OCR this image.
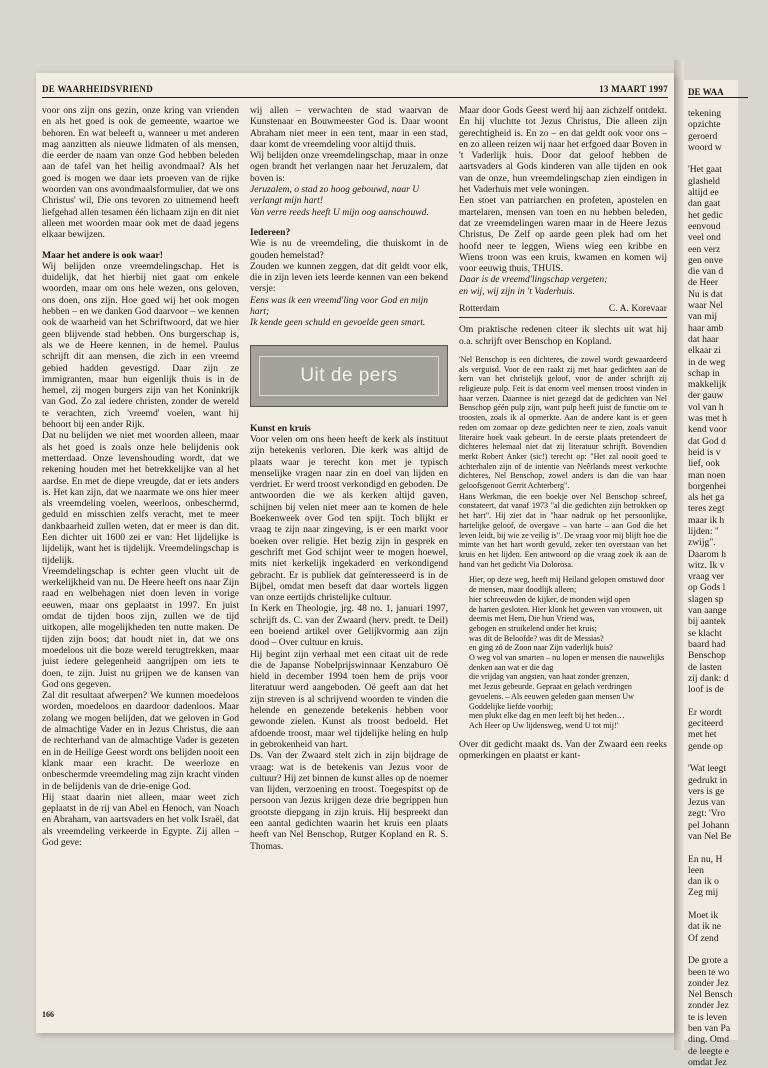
DE WAARHEIDSVRIEND	13 MAART 1997

voor ons zijn ons gezin, onze kring van vrienden en als het goed is ook de gemeente, waartoe we behoren. En wat beleeft u, wanneer u met anderen mag aanzitten als nieuwe lidmaten of als mensen, die eerder de naam van onze God hebben beleden aan de tafel van het heilig avondmaal? Als het goed is mogen we daar iets proeven van de rijke woorden van ons avondmaalsformulier, dat we ons Christus' wil, Die ons tevoren zo uitnemend heeft liefgehad allen tesamen één lichaam zijn en dit niet alleen met woorden maar ook met de daad jegens elkaar bewijzen.

Maar het andere is ook waar!

Wij belijden onze vreemdelingschap. Het is duidelijk, dat het hierbij niet gaat om enkele woorden, maar om ons hele wezen, ons geloven, ons doen, ons zijn. Hoe goed wij het ook mogen hebben – en we danken God daarvoor – we kennen ook de waarheid van het Schriftwoord, dat we hier geen blijvende stad hebben. Ons burgerschap is, als we de Heere kennen, in de hemel. Paulus schrijft dit aan mensen, die zich in een vreemd gebied hadden gevestigd. Daar zijn ze immigranten, maar hun eigenlijk thuis is in de hemel, zij mogen burgers zijn van het Koninkrijk van God. Zo zal iedere christen, zonder de wereld te verachten, zich 'vreemd' voelen, want hij behoort bij een ander Rijk.

Dat nu belijden we niet met woorden alleen, maar als het goed is zoals onze hele belijdenis ook metterdaad. Onze levenshouding wordt, dat we rekening houden met het betrekkelijke van al het aardse. En met de diepe vreugde, dat er iets anders is. Het kan zijn, dat we naarmate we ons hier meer als vreemdeling voelen, weerloos, onbeschermd, geduld en misschien zelfs veracht, met te meer dankbaarheid zullen weten, dat er meer is dan dit. Een dichter uit 1600 zei er van: Het lijdelijke is lijdelijk, want het is tijdelijk. Vreemdelingschap is tijdelijk.

Vreemdelingschap is echter geen vlucht uit de werkelijkheid van nu. De Heere heeft ons naar Zijn raad en welbehagen niet doen leven in vorige eeuwen, maar ons geplaatst in 1997. En juist omdat de tijden boos zijn, zullen we de tijd uitkopen, alle mogelijkheden ten nutte maken. De tijden zijn boos; dat houdt niet in, dat we ons moedeloos uit die boze wereld terugtrekken, maar juist iedere gelegenheid aangrijpen om iets te doen, te zijn. Juist nu grijpen we de kansen van God ons gegeven.

Zal dit resultaat afwerpen? We kunnen moedeloos worden, moedeloos en daardoor dadenloos. Maar zolang we mogen belijden, dat we geloven in God de almachtige Vader en in Jezus Christus, die aan de rechterhand van de almachtige Vader is gezeten en in de Heilige Geest wordt ons belijden nooit een klank maar een kracht. De weerloze en onbeschermde vreemdeling mag zijn kracht vinden in de belijdenis van de drie-enige God.

Hij staat daarin niet alleen, maar weet zich geplaatst in de rij van Abel en Henoch, van Noach en Abraham, van aartsvaders en het volk Israël, dat als vreemdeling verkeerde in Egypte. Zij allen – God geve:

wij allen – verwachten de stad waarvan de Kunstenaar en Bouwmeester God is. Daar woont Abraham niet meer in een tent, maar in een stad, daar komt de vreemdeling voor altijd thuis.

Wij belijden onze vreemdelingschap, maar in onze ogen brandt het verlangen naar het Jeruzalem, dat boven is:

Jeruzalem, o stad zo hoog gebouwd, naar U verlangt mijn hart!

Van verre reeds heeft U mijn oog aanschouwd.

Iedereen?

Wie is nu de vreemdeling, die thuiskomt in de gouden hemelstad?

Zouden we kunnen zeggen, dat dit geldt voor elk, die in zijn leven iets leerde kennen van een bekend versje:

Eens was ik een vreemd'ling voor God en mijn hart;

Ik kende geen schuld en gevoelde geen smart.

Uit de pers

Kunst en kruis

Voor velen om ons heen heeft de kerk als instituut zijn betekenis verloren. Die kerk was altijd de plaats waar je terecht kon met je typisch menselijke vragen naar zin en doel van lijden en verdriet. Er werd troost verkondigd en geboden. De antwoorden die we als kerken altijd gaven, schijnen bij velen niet meer aan te komen de hele Boekenweek over God ten spijt. Toch blijkt er vraag te zijn naar zingeving, is er een markt voor boeken over religie. Het bezig zijn in gesprek en geschrift met God schijnt weer te mogen hoewel, mits niet kerkelijk ingekaderd en verkondigend gebracht. Er is publiek dat geïnteresseerd is in de Bijbel, omdat men beseft dat daar wortels liggen van onze eertijds christelijke cultuur.

In Kerk en Theologie, jrg. 48 no. 1, januari 1997, schrijft ds. C. van der Zwaard (herv. predt. te Deil) een boeiend artikel over Gelijkvormig aan zijn dood – Over cultuur en kruis.

Hij begint zijn verhaal met een citaat uit de rede die de Japanse Nobelprijswinnaar Kenzaburo Oë hield in december 1994 toen hem de prijs voor literatuur werd aangeboden. Oë geeft aan dat het zijn streven is al schrijvend woorden te vinden die helende en genezende betekenis hebben voor gewonde zielen. Kunst als troost bedoeld. Het afdoende troost, maar wel tijdelijke heling en hulp in gebrokenheid van hart.

Ds. Van der Zwaard stelt zich in zijn bijdrage de vraag: wat is de betekenis van Jezus voor de cultuur? Hij zet binnen de kunst alles op de noemer van lijden, verzoening en troost. Toegespitst op de persoon van Jezus krijgen deze drie begrippen hun grootste diepgang in zijn kruis. Hij bespreekt dan een aantal gedichten waarin het kruis een plaats heeft van Nel Benschop, Rutger Kopland en R. S. Thomas.

Maar door Gods Geest werd hij aan zichzelf ontdekt. En hij vluchtte tot Jezus Christus, Die alleen zijn gerechtigheid is. En zo – en dat geldt ook voor ons – en zo alleen reizen wij naar het erfgoed daar Boven in 't Vaderlijk huis. Door dat geloof hebben de aartsvaders al Gods kinderen van alle tijden en ook van de onze, hun vreemdelingschap zien eindigen in het Vaderhuis met vele woningen.

Een stoet van patriarchen en profeten, apostelen en martelaren, mensen van toen en nu hebben beleden, dat ze vreemdelingen waren maar in de Heere Jezus Christus, De Zelf op aarde geen plek had om het hoofd neer te leggen, Wiens wieg een kribbe en Wiens troon was een kruis, kwamen en komen wij voor eeuwig thuis, THUIS.

Daar is de vreemd'lingschap vergeten;

en wij, wij zijn in 't Vaderhuis.

Rotterdam	C. A. Korevaar

Om praktische redenen citeer ik slechts uit wat hij o.a. schrijft over Benschop en Kopland.

'Nel Benschop is een dichteres, die zowel wordt gewaardeerd als verguisd. Voor de een raakt zij met haar gedichten aan de kern van het christelijk geloof, voor de ander schrijft zij religieuze pulp. Feit is dat enorm veel mensen troost vinden in haar verzen. Daarmee is niet gezegd dat de gedichten van Nel Benschop géén pulp zijn, want pulp heeft juist de functie om te troosten, zoals ik al opmerkte. Aan de andere kant is er geen reden om zomaar op deze gedichten neer te zien, zoals vanuit literaire hoek vaak gebeurt. In de eerste plaats pretendeert de dichteres helemaal niet dat zij literatuur schrijft. Bovendien merkt Robert Anker (sic!) terecht op: "Het zal nooit goed te achterhalen zijn of de intentie van Neêrlands meest verkochte dichteres, Nel Benschop, zowel anders is dan die van haar geloofsgenoot Gerrit Achterberg".

Hans Werkman, die een boekje over Nel Benschop schreef, constateert, dat vanaf 1973 "al die gedichten zijn betrokken op het hart". Hij ziet dat in "haar nadruk op het persoonlijke, hartelijke geloof, de overgave – van harte – aan God die het leven leidt, bij wie ze veilig is". De vraag voor mij blijft hoe die mimte van het hart wordt gevuld, zeker ten overstaan van het kruis en het lijden. Een antwoord op die vraag zoek ik aan de hand van het gedicht Via Dolorosa.

Hier, op deze weg, heeft mij Heiland gelopen omstuwd door de mensen, maar doodlijk alleen;

hier schreeuwden de kijker, de monden wijd open

de harten gesloten. Hier klonk het geween van vrouwen, uit deernis met Hem, Die hun Vriend was,

gebogen en struikelend onder het kruis;

was dit de Beloofde? was dit de Messias?

en ging zó de Zoon naar Zijn vaderlijk huis?

O weg vol van smarten – nu lopen er mensen die nauwelijks denken aan wat er die dag

die vrijdag van angsten, van haat zonder grenzen,

met Jezus gebeurde. Gepraat en gelach verdringen gevoelens. – Als eeuwen geleden gaan mensen Uw Goddelijke liefde voorbij;

men plukt elke dag en men leeft bij het heden…

Ach Heer op Uw lijdensweg, wend U tot mij!'

Over dit gedicht maakt ds. Van der Zwaard een reeks opmerkingen en plaatst er kant-

166
DE WAA

tekening

opzichte

geroerd

woord w

'Het gaat

glasheld

altijd ee

dan gaat

het gedic

eenvoud

veel ond

een verz

gen onve

die van d

de Heer

Nu is dat

waar Nel

van mij

haar amb

dat haar

elkaar zi

in de weg

schap in

makkelijk

der gauw

vol van h

was met h

kend voor

dat God d

heid is v

lief, ook

man noen

borgenhei

als het ga

teres zegt

maar ik h

lijden: "

zwijg".

Daarom h

witz. Ik v

vraag ver

op Gods l

slagen sp

van aange

bij aantek

se klacht

baard had

Benschop

de lasten

zij dank: d

loof is de

Er wordt

geciteerd

met het

gende op

'Wat leegt

gedrukt in

vers is ge

Jezus van

zegt: 'Vro

pel Johann

van Nel Be

En nu, H

leen

dan ik o

Zeg mij

Moet ik

dat ik ne

Of zend

De grote a

been te wo

zonder Jez

Nel Bensch

zonder Jez

te is leven

ben van Pa

ding. Omd

de leegte e

omdat Jez
